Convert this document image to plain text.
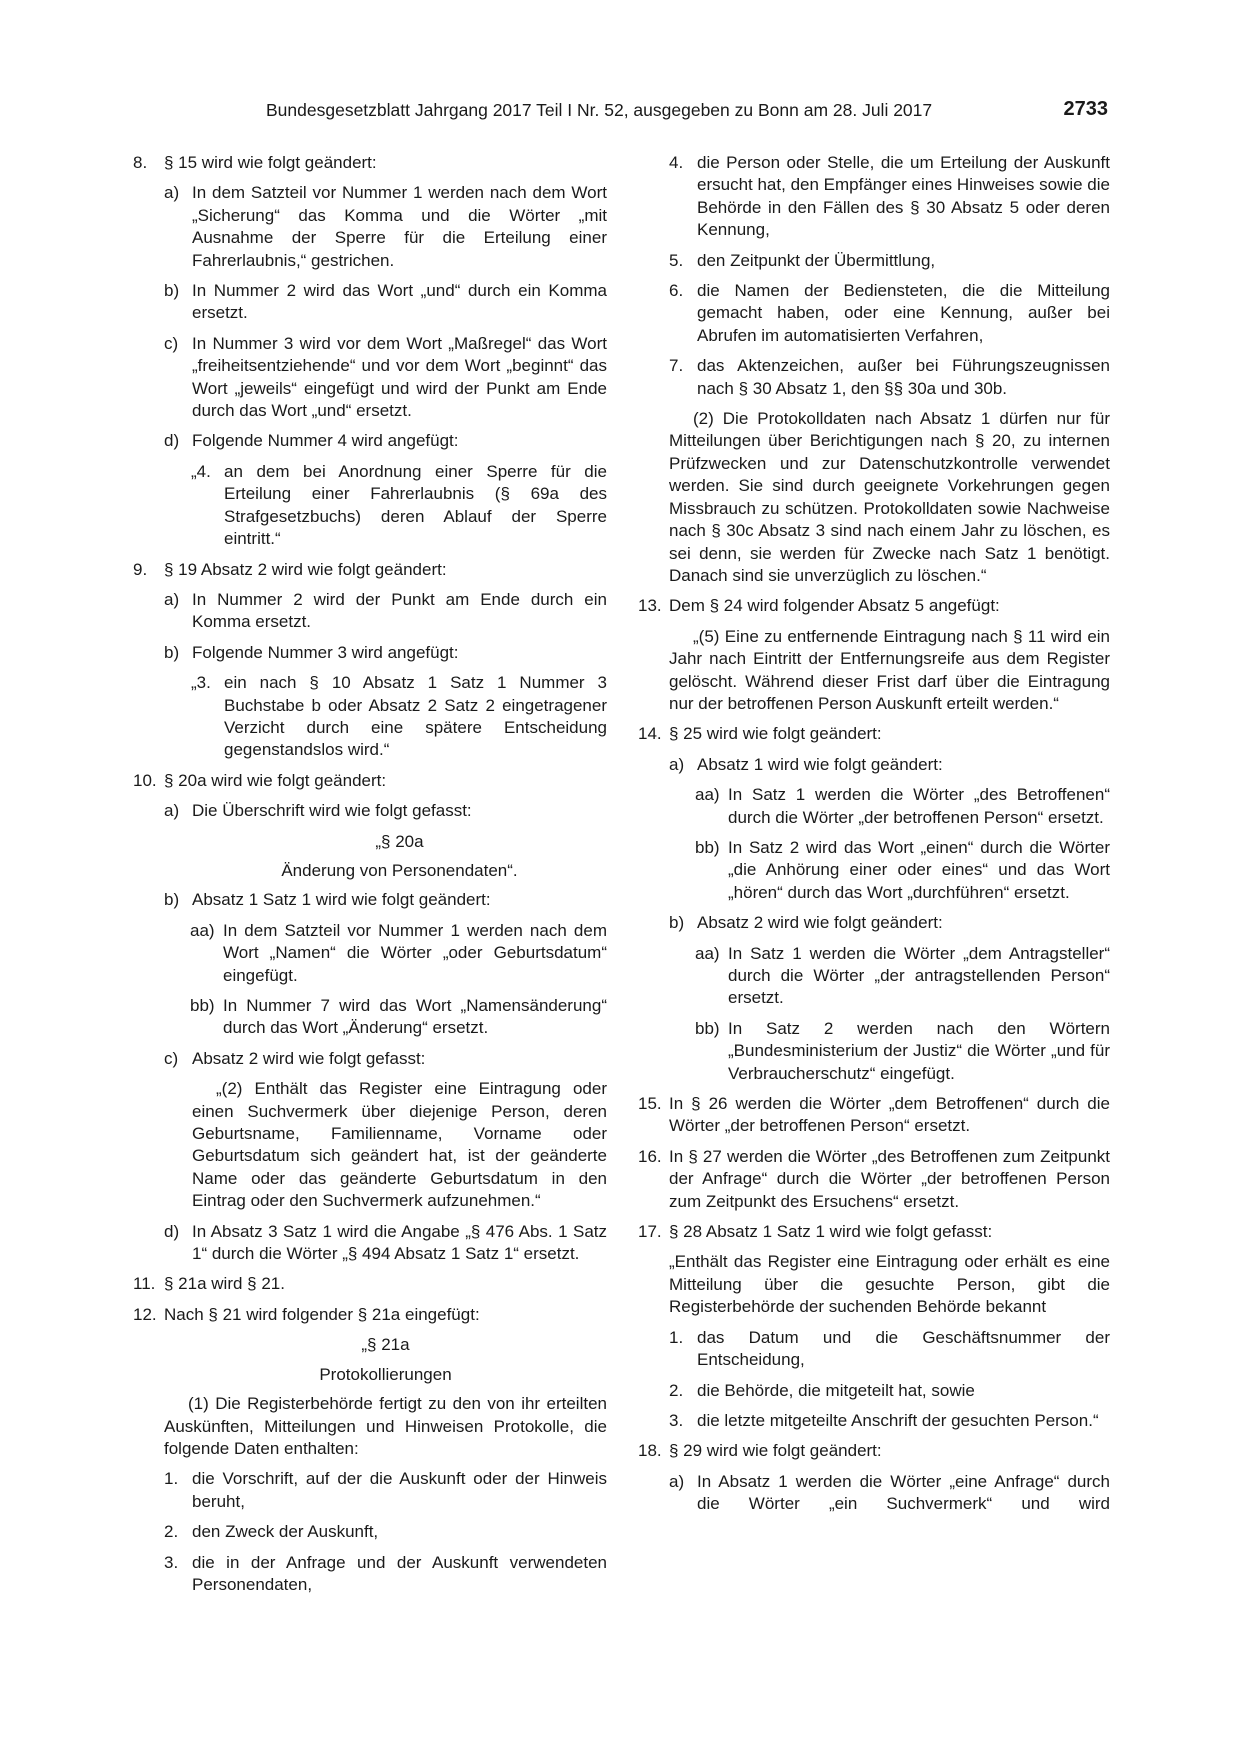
Bundesgesetzblatt Jahrgang 2017 Teil I Nr. 52, ausgegeben zu Bonn am 28. Juli 2017	2733
8. § 15 wird wie folgt geändert:
a) In dem Satzteil vor Nummer 1 werden nach dem Wort „Sicherung“ das Komma und die Wörter „mit Ausnahme der Sperre für die Erteilung einer Fahrerlaubnis,“ gestrichen.
b) In Nummer 2 wird das Wort „und“ durch ein Komma ersetzt.
c) In Nummer 3 wird vor dem Wort „Maßregel“ das Wort „freiheitsentziehende“ und vor dem Wort „beginnt“ das Wort „jeweils“ eingefügt und wird der Punkt am Ende durch das Wort „und“ ersetzt.
d) Folgende Nummer 4 wird angefügt:
„4. an dem bei Anordnung einer Sperre für die Erteilung einer Fahrerlaubnis (§ 69a des Strafgesetzbuchs) deren Ablauf der Sperre eintritt.“
9. § 19 Absatz 2 wird wie folgt geändert:
a) In Nummer 2 wird der Punkt am Ende durch ein Komma ersetzt.
b) Folgende Nummer 3 wird angefügt:
„3. ein nach § 10 Absatz 1 Satz 1 Nummer 3 Buchstabe b oder Absatz 2 Satz 2 eingetragener Verzicht durch eine spätere Entscheidung gegenstandslos wird.“
10. § 20a wird wie folgt geändert:
a) Die Überschrift wird wie folgt gefasst:
„§ 20a
Änderung von Personendaten“.
b) Absatz 1 Satz 1 wird wie folgt geändert:
aa) In dem Satzteil vor Nummer 1 werden nach dem Wort „Namen“ die Wörter „oder Geburtsdatum“ eingefügt.
bb) In Nummer 7 wird das Wort „Namensänderung“ durch das Wort „Änderung“ ersetzt.
c) Absatz 2 wird wie folgt gefasst:
„(2) Enthält das Register eine Eintragung oder einen Suchvermerk über diejenige Person, deren Geburtsname, Familienname, Vorname oder Geburtsdatum sich geändert hat, ist der geänderte Name oder das geänderte Geburtsdatum in den Eintrag oder den Suchvermerk aufzunehmen.“
d) In Absatz 3 Satz 1 wird die Angabe „§ 476 Abs. 1 Satz 1“ durch die Wörter „§ 494 Absatz 1 Satz 1“ ersetzt.
11. § 21a wird § 21.
12. Nach § 21 wird folgender § 21a eingefügt:
„§ 21a
Protokollierungen
(1) Die Registerbehörde fertigt zu den von ihr erteilten Auskünften, Mitteilungen und Hinweisen Protokolle, die folgende Daten enthalten:
1. die Vorschrift, auf der die Auskunft oder der Hinweis beruht,
2. den Zweck der Auskunft,
3. die in der Anfrage und der Auskunft verwendeten Personendaten,
4. die Person oder Stelle, die um Erteilung der Auskunft ersucht hat, den Empfänger eines Hinweises sowie die Behörde in den Fällen des § 30 Absatz 5 oder deren Kennung,
5. den Zeitpunkt der Übermittlung,
6. die Namen der Bediensteten, die die Mitteilung gemacht haben, oder eine Kennung, außer bei Abrufen im automatisierten Verfahren,
7. das Aktenzeichen, außer bei Führungszeugnissen nach § 30 Absatz 1, den §§ 30a und 30b.
(2) Die Protokolldaten nach Absatz 1 dürfen nur für Mitteilungen über Berichtigungen nach § 20, zu internen Prüfzwecken und zur Datenschutzkontrolle verwendet werden. Sie sind durch geeignete Vorkehrungen gegen Missbrauch zu schützen. Protokolldaten sowie Nachweise nach § 30c Absatz 3 sind nach einem Jahr zu löschen, es sei denn, sie werden für Zwecke nach Satz 1 benötigt. Danach sind sie unverzüglich zu löschen.“
13. Dem § 24 wird folgender Absatz 5 angefügt:
„(5) Eine zu entfernende Eintragung nach § 11 wird ein Jahr nach Eintritt der Entfernungsreife aus dem Register gelöscht. Während dieser Frist darf über die Eintragung nur der betroffenen Person Auskunft erteilt werden.“
14. § 25 wird wie folgt geändert:
a) Absatz 1 wird wie folgt geändert:
aa) In Satz 1 werden die Wörter „des Betroffenen“ durch die Wörter „der betroffenen Person“ ersetzt.
bb) In Satz 2 wird das Wort „einen“ durch die Wörter „die Anhörung einer oder eines“ und das Wort „hören“ durch das Wort „durchführen“ ersetzt.
b) Absatz 2 wird wie folgt geändert:
aa) In Satz 1 werden die Wörter „dem Antragsteller“ durch die Wörter „der antragstellenden Person“ ersetzt.
bb) In Satz 2 werden nach den Wörtern „Bundesministerium der Justiz“ die Wörter „und für Verbraucherschutz“ eingefügt.
15. In § 26 werden die Wörter „dem Betroffenen“ durch die Wörter „der betroffenen Person“ ersetzt.
16. In § 27 werden die Wörter „des Betroffenen zum Zeitpunkt der Anfrage“ durch die Wörter „der betroffenen Person zum Zeitpunkt des Ersuchens“ ersetzt.
17. § 28 Absatz 1 Satz 1 wird wie folgt gefasst:
„Enthält das Register eine Eintragung oder erhält es eine Mitteilung über die gesuchte Person, gibt die Registerbehörde der suchenden Behörde bekannt
1. das Datum und die Geschäftsnummer der Entscheidung,
2. die Behörde, die mitgeteilt hat, sowie
3. die letzte mitgeteilte Anschrift der gesuchten Person.“
18. § 29 wird wie folgt geändert:
a) In Absatz 1 werden die Wörter „eine Anfrage“ durch die Wörter „ein Suchvermerk“ und wird
